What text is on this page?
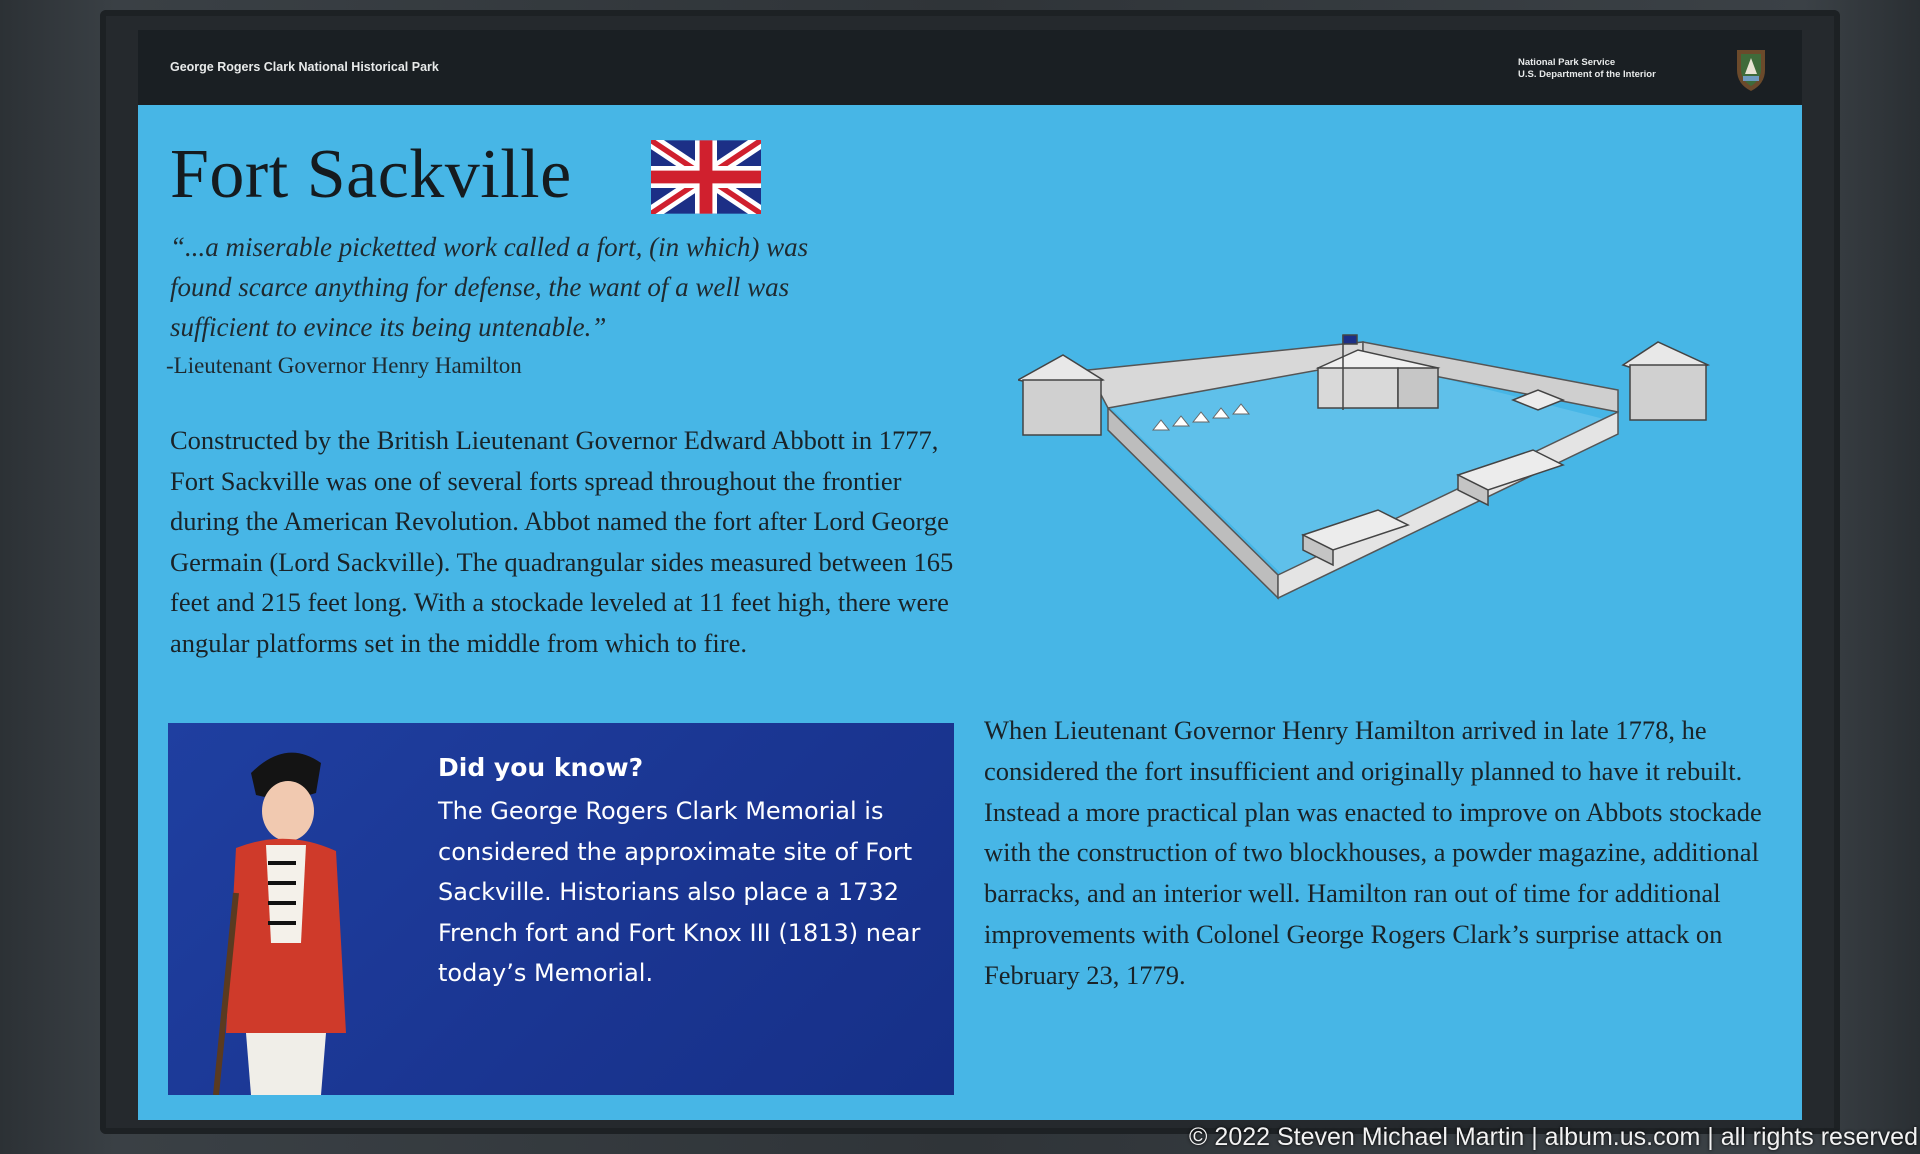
George Rogers Clark National Historical Park	National Park Service
U.S. Department of the Interior
Fort Sackville
“...a miserable picketted work called a fort, (in which) was found scarce anything for defense, the want of a well was sufficient to evince its being untenable.”
-Lieutenant Governor Henry Hamilton
Constructed by the British Lieutenant Governor Edward Abbott in 1777, Fort Sackville was one of several forts spread throughout the frontier during the American Revolution. Abbot named the fort after Lord George Germain (Lord Sackville). The quadrangular sides measured between 165 feet and 215 feet long. With a stockade leveled at 11 feet high, there were angular platforms set in the middle from which to fire.
Did you know?
The George Rogers Clark Memorial is considered the approximate site of Fort Sackville. Historians also place a 1732 French fort and Fort Knox III (1813) near today’s Memorial.
When Lieutenant Governor Henry Hamilton arrived in late 1778, he considered the fort insufficient and originally planned to have it rebuilt. Instead a more practical plan was enacted to improve on Abbots stockade with the construction of two blockhouses, a powder magazine, additional barracks, and an interior well. Hamilton ran out of time for additional improvements with Colonel George Rogers Clark’s surprise attack on February 23, 1779.
© 2022 Steven Michael Martin | album.us.com | all rights reserved
